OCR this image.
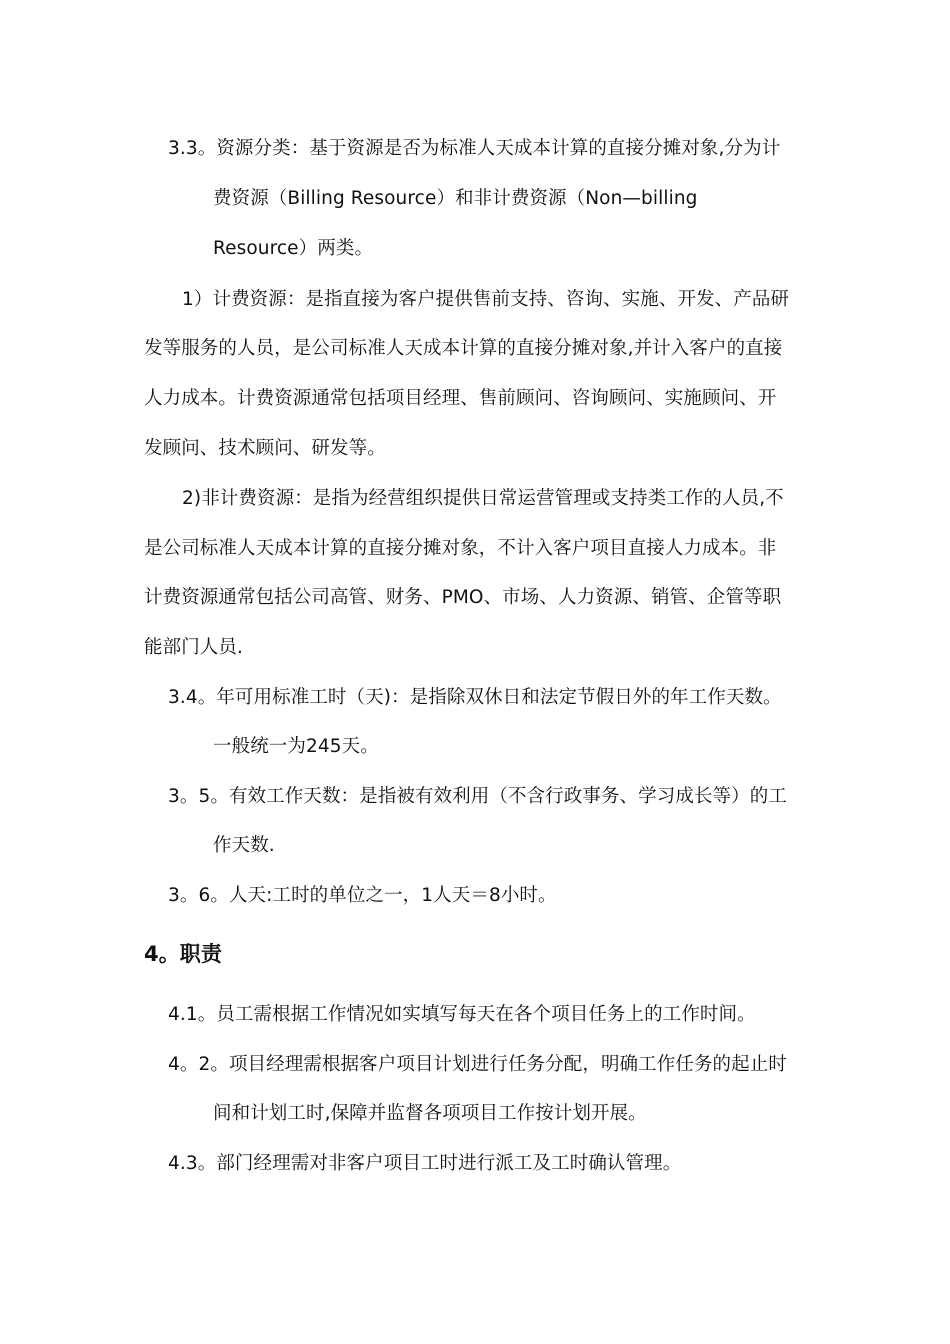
3.3。资源分类：基于资源是否为标准人天成本计算的直接分摊对象,分为计
费资源（Billing Resource）和非计费资源（Non—billing
Resource）两类。
1）计费资源：是指直接为客户提供售前支持、咨询、实施、开发、产品研
发等服务的人员，是公司标准人天成本计算的直接分摊对象,并计入客户的直接
人力成本。计费资源通常包括项目经理、售前顾问、咨询顾问、实施顾问、开
发顾问、技术顾问、研发等。
2)非计费资源：是指为经营组织提供日常运营管理或支持类工作的人员,不
是公司标准人天成本计算的直接分摊对象，不计入客户项目直接人力成本。非
计费资源通常包括公司高管、财务、PMO、市场、人力资源、销管、企管等职
能部门人员.
3.4。年可用标准工时（天)：是指除双休日和法定节假日外的年工作天数。
一般统一为245天。
3。5。有效工作天数：是指被有效利用（不含行政事务、学习成长等）的工
作天数.
3。6。人天:工时的单位之一，1人天＝8小时。
4。职责
4.1。员工需根据工作情况如实填写每天在各个项目任务上的工作时间。
4。2。项目经理需根据客户项目计划进行任务分配，明确工作任务的起止时
间和计划工时,保障并监督各项项目工作按计划开展。
4.3。部门经理需对非客户项目工时进行派工及工时确认管理。
